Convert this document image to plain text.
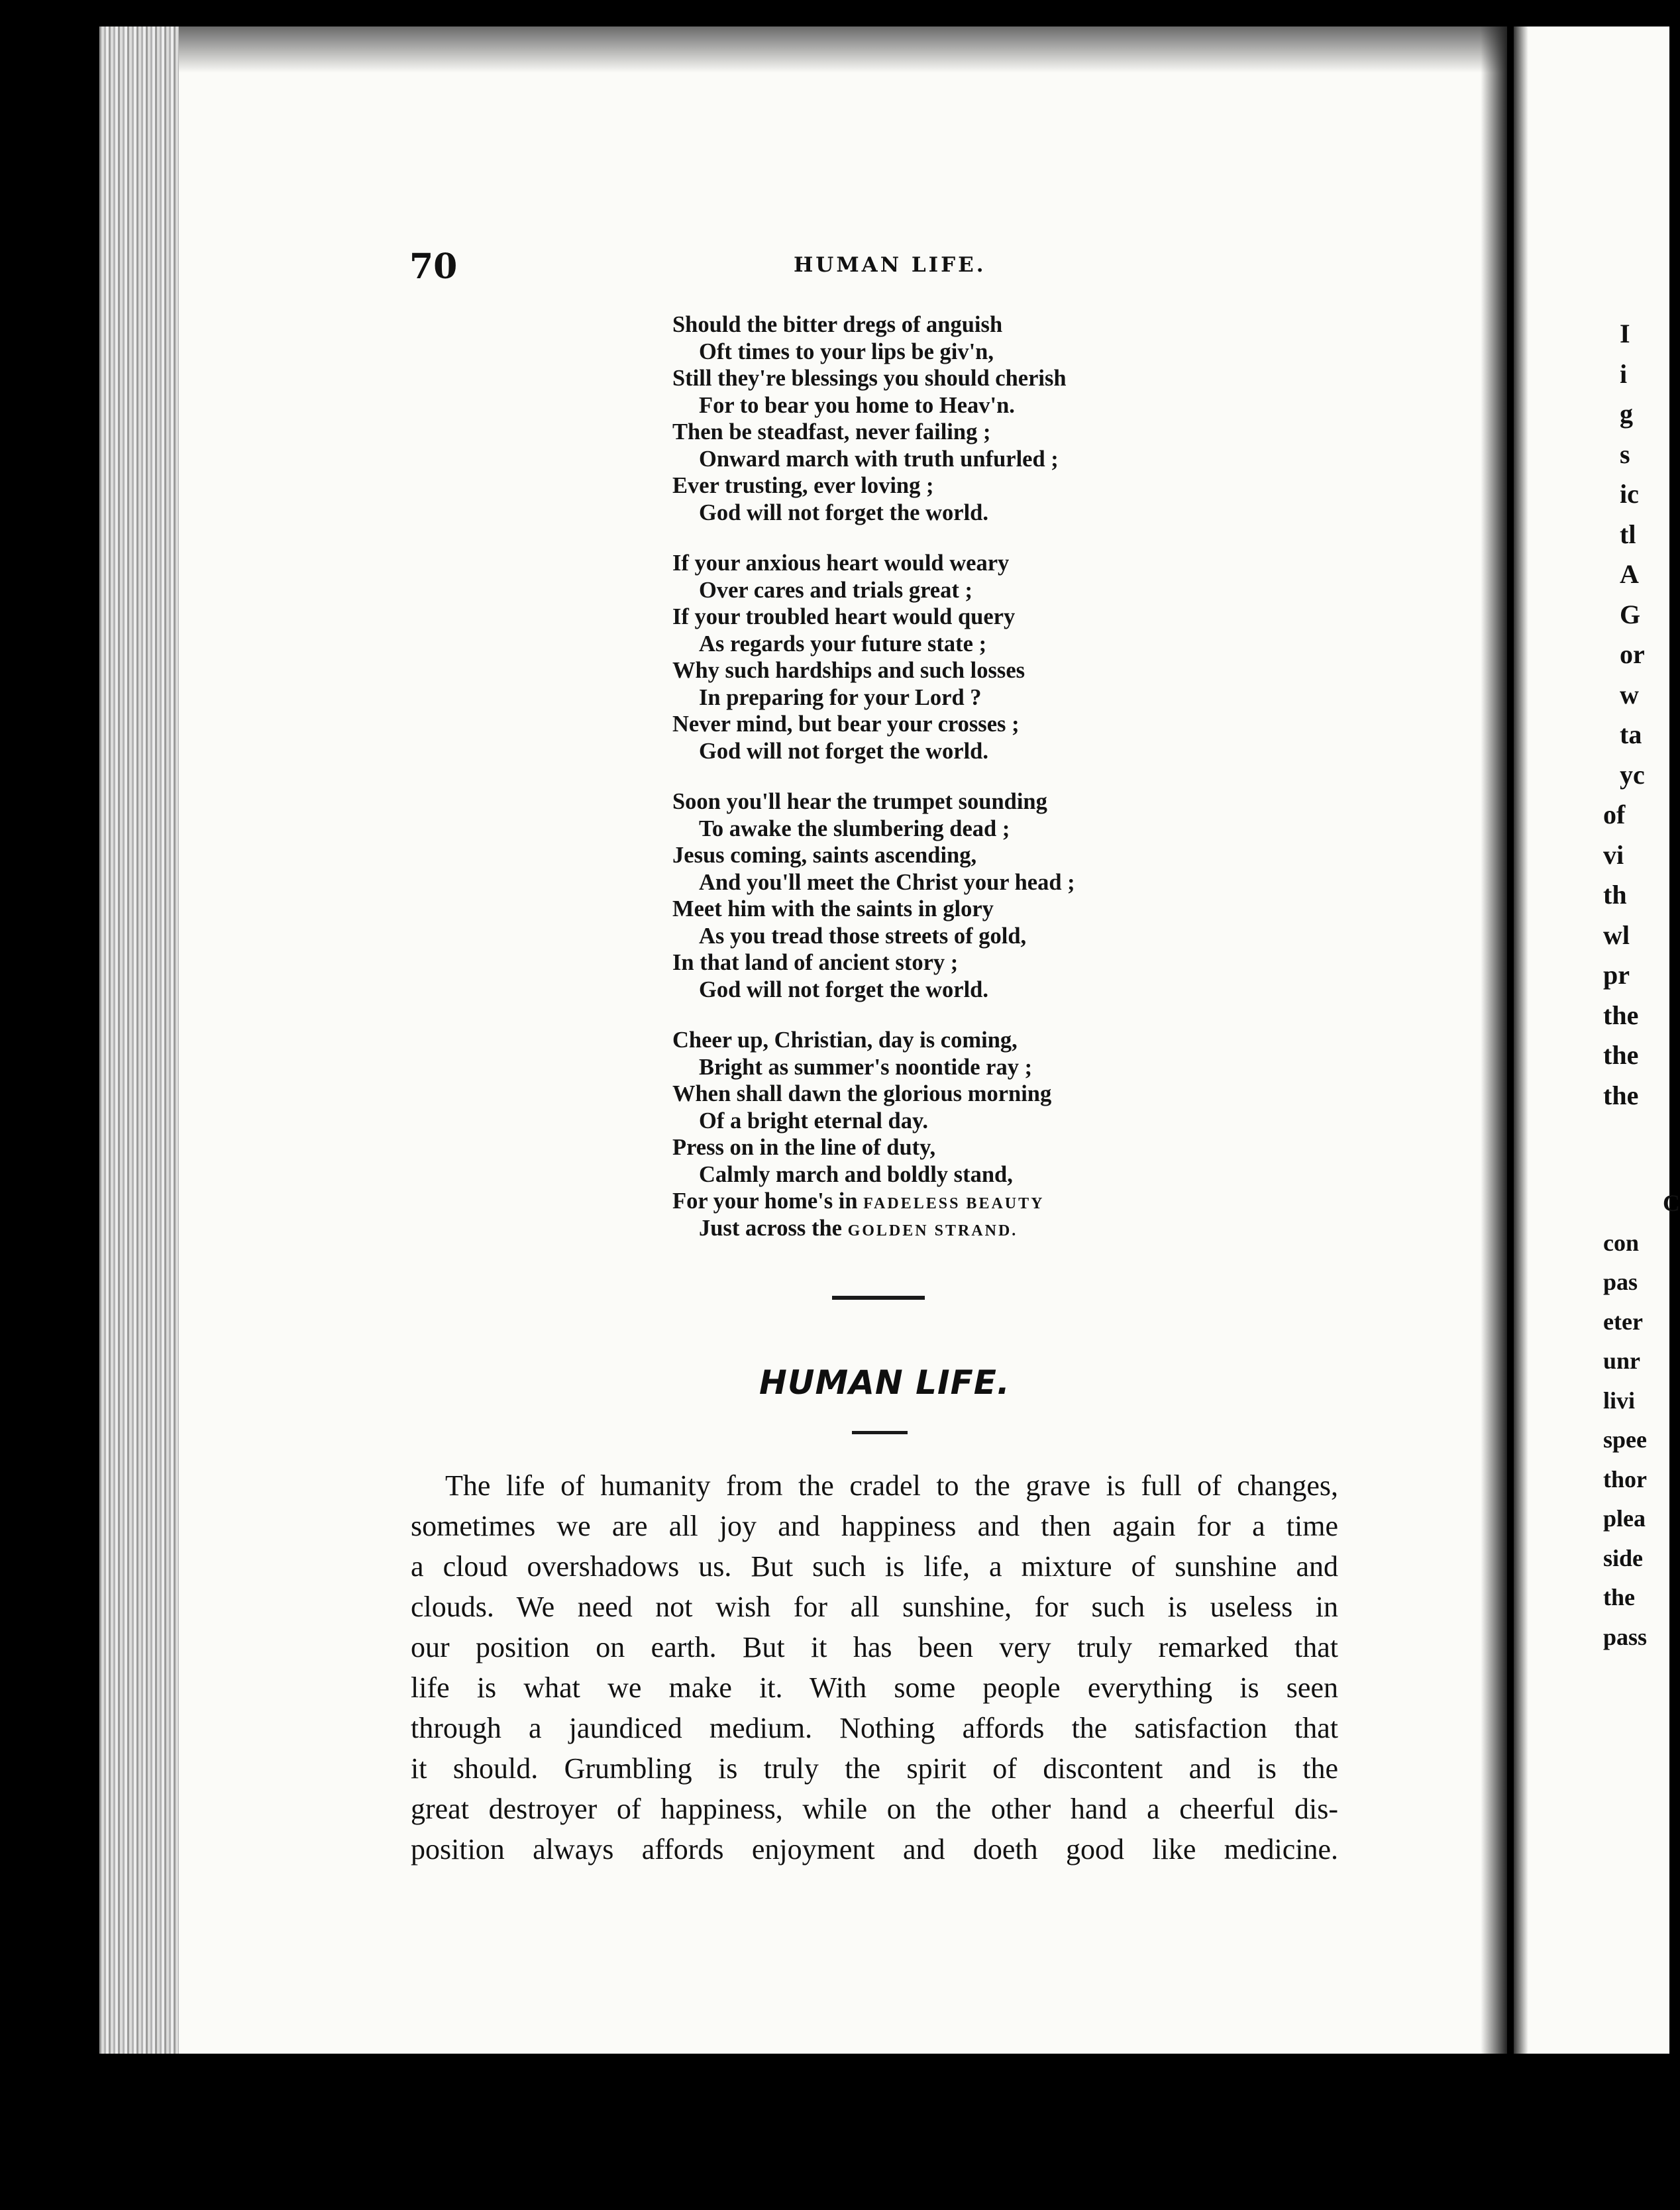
70	HUMAN LIFE.
Should the bitter dregs of anguish
Oft times to your lips be giv'n,
Still they're blessings you should cherish
For to bear you home to Heav'n.
Then be steadfast, never failing ;
Onward march with truth unfurled ;
Ever trusting, ever loving ;
God will not forget the world.
If your anxious heart would weary
Over cares and trials great ;
If your troubled heart would query
As regards your future state ;
Why such hardships and such losses
In preparing for your Lord ?
Never mind, but bear your crosses ;
God will not forget the world.
Soon you'll hear the trumpet sounding
To awake the slumbering dead ;
Jesus coming, saints ascending,
And you'll meet the Christ your head ;
Meet him with the saints in glory
As you tread those streets of gold,
In that land of ancient story ;
God will not forget the world.
Cheer up, Christian, day is coming,
Bright as summer's noontide ray ;
When shall dawn the glorious morning
Of a bright eternal day.
Press on in the line of duty,
Calmly march and boldly stand,
For your home's in FADELESS BEAUTY
Just across the GOLDEN STRAND.
HUMAN LIFE.
The life of humanity from the cradel to the grave is full of changes,
sometimes we are all joy and happiness and then again for a time
a cloud overshadows us. But such is life, a mixture of sunshine and
clouds. We need not wish for all sunshine, for such is useless in
our position on earth. But it has been very truly remarked that
life is what we make it. With some people everything is seen
through a jaundiced medium. Nothing affords the satisfaction that
it should. Grumbling is truly the spirit of discontent and is the
great destroyer of happiness, while on the other hand a cheerful dis-
position always affords enjoyment and doeth good like medicine.
I
i
g
s
ic
tl
A
G
or
w
ta
yc
of
vi
th
wl
pr
the
the
the
C
con
pas
eter
unr
livi
spee
thor
plea
side
the
pass
